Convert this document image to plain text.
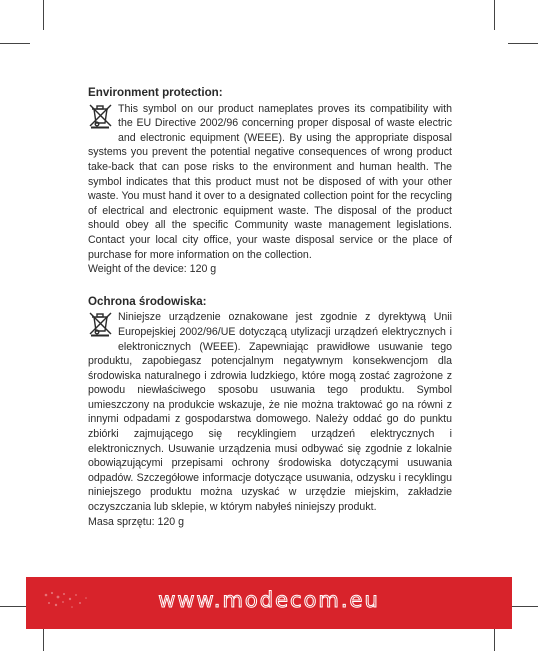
Environment protection:

This symbol on our product nameplates proves its compatibility with the EU Directive 2002/96 concerning proper disposal of waste electric and electronic equipment (WEEE). By using the appropriate disposal systems you prevent the potential negative consequences of wrong product take-back that can pose risks to the environment and human health. The symbol indicates that this product must not be disposed of with your other waste. You must hand it over to a designated collection point for the recycling of electrical and electronic equipment waste. The disposal of the product should obey all the specific Community waste management legislations. Contact your local city office, your waste disposal service or the place of purchase for more information on the collection.

Weight of the device: 120 g

Ochrona środowiska:

Niniejsze urządzenie oznakowane jest zgodnie z dyrektywą Unii Europejskiej 2002/96/UE dotyczącą utylizacji urządzeń elektrycznych i elektronicznych (WEEE). Zapewniając prawidłowe usuwanie tego produktu, zapobiegasz potencjalnym negatywnym konsekwencjom dla środowiska naturalnego i zdrowia ludzkiego, które mogą zostać zagrożone z powodu niewłaściwego sposobu usuwania tego produktu. Symbol umieszczony na produkcie wskazuje, że nie można traktować go na równi z innymi odpadami z gospodarstwa domowego. Należy oddać go do punktu zbiórki zajmującego się recyklingiem urządzeń elektrycznych i elektronicznych. Usuwanie urządzenia musi odbywać się zgodnie z lokalnie obowiązującymi przepisami ochrony środowiska dotyczącymi usuwania odpadów. Szczegółowe informacje dotyczące usuwania, odzysku i recyklingu niniejszego produktu można uzyskać w urzędzie miejskim, zakładzie oczyszczania lub sklepie, w którym nabyłeś niniejszy produkt.

Masa sprzętu: 120 g

www.modecom.eu
